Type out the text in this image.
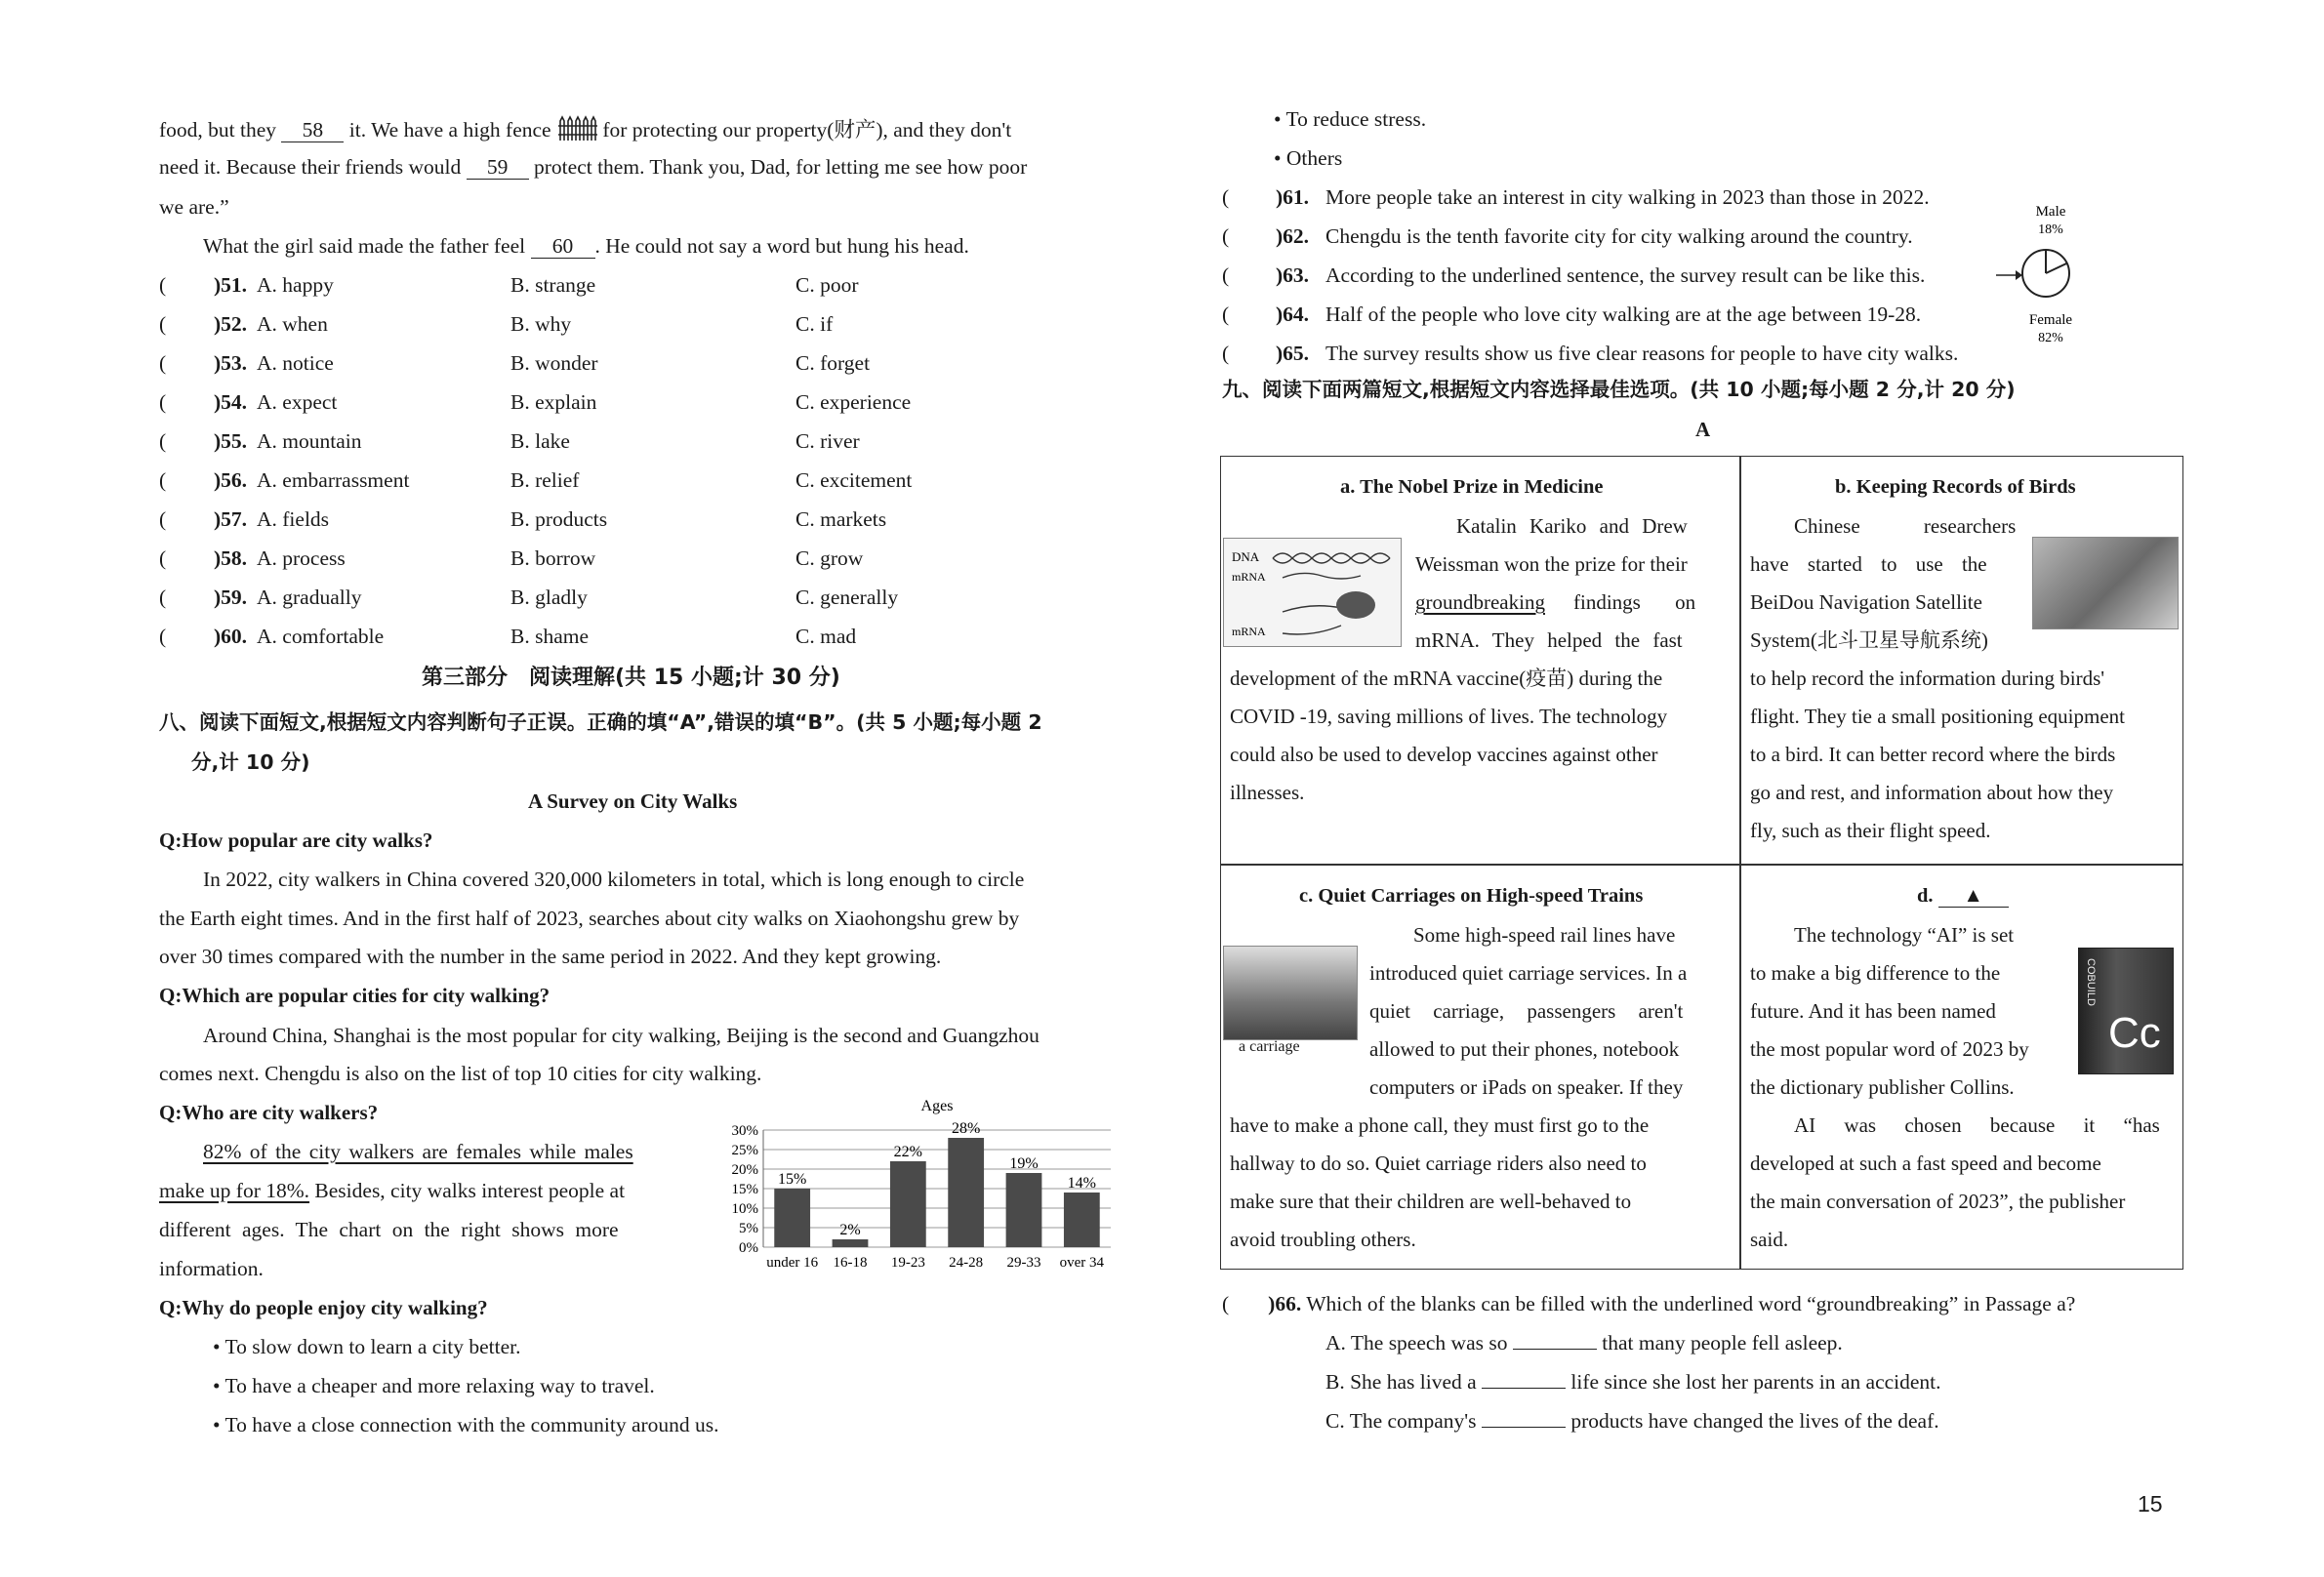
food, but they 58 it. We have a high fence for protecting our property(财产), and they don't
need it. Because their friends would 59 protect them. Thank you, Dad, for letting me see how poor
we are.”
What the girl said made the father feel 60 . He could not say a word but hung his head.
( )51. A. happy	B. strange	C. poor
( )52. A. when	B. why	C. if
( )53. A. notice	B. wonder	C. forget
( )54. A. expect	B. explain	C. experience
( )55. A. mountain	B. lake	C. river
( )56. A. embarrassment	B. relief	C. excitement
( )57. A. fields	B. products	C. markets
( )58. A. process	B. borrow	C. grow
( )59. A. gradually	B. gladly	C. generally
( )60. A. comfortable	B. shame	C. mad
第三部分　阅读理解(共 15 小题;计 30 分)
八、阅读下面短文,根据短文内容判断句子正误。正确的填“A”,错误的填“B”。(共 5 小题;每小题 2
分,计 10 分)
A Survey on City Walks
Q:How popular are city walks?
In 2022, city walkers in China covered 320,000 kilometers in total, which is long enough to circle
the Earth eight times. And in the first half of 2023, searches about city walks on Xiaohongshu grew by
over 30 times compared with the number in the same period in 2022. And they kept growing.
Q:Which are popular cities for city walking?
Around China, Shanghai is the most popular for city walking, Beijing is the second and Guangzhou
comes next. Chengdu is also on the list of top 10 cities for city walking.
Q:Who are city walkers?
82% of the city walkers are females while males
make up for 18%. Besides, city walks interest people at
different ages. The chart on the right shows more
information.
Ages
0%
5%
10%
15%
20%
25%
30%
15%
under 16
2%
16-18
22%
19-23
28%
24-28
19%
29-33
14%
over 34
Q:Why do people enjoy city walking?
• To slow down to learn a city better.
• To have a cheaper and more relaxing way to travel.
• To have a close connection with the community around us.
• To reduce stress.
• Others
( )61. More people take an interest in city walking in 2023 than those in 2022.
( )62. Chengdu is the tenth favorite city for city walking around the country.
( )63. According to the underlined sentence, the survey result can be like this.
( )64. Half of the people who love city walking are at the age between 19-28.
( )65. The survey results show us five clear reasons for people to have city walks.
Male
18%
Female
82%
九、阅读下面两篇短文,根据短文内容选择最佳选项。(共 10 小题;每小题 2 分,计 20 分)
A
a. The Nobel Prize in Medicine
DNA
mRNA
mRNA
Katalin Kariko and Drew
Weissman won the prize for their
groundbreaking findings on
mRNA. They helped the fast
development of the mRNA vaccine(疫苗) during the
COVID -19, saving millions of lives. The technology
could also be used to develop vaccines against other
illnesses.
b. Keeping Records of Birds
Chinese researchers
have started to use the
BeiDou Navigation Satellite
System(北斗卫星导航系统)
to help record the information during birds'
flight. They tie a small positioning equipment
to a bird. It can better record where the birds
go and rest, and information about how they
fly, such as their flight speed.
c. Quiet Carriages on High-speed Trains
a carriage
Some high-speed rail lines have
introduced quiet carriage services. In a
quiet carriage, passengers aren't
allowed to put their phones, notebook
computers or iPads on speaker. If they
have to make a phone call, they must first go to the
hallway to do so. Quiet carriage riders also need to
make sure that their children are well-behaved to
avoid troubling others.
d. ▲
The technology “AI” is set
to make a big difference to the
future. And it has been named
the most popular word of 2023 by
the dictionary publisher Collins.
COBUILD
Cc
AI was chosen because it “has
developed at such a fast speed and become
the main conversation of 2023”, the publisher
said.
( )66. Which of the blanks can be filled with the underlined word “groundbreaking” in Passage a?
A. The speech was so	that many people fell asleep.
B. She has lived a	life since she lost her parents in an accident.
C. The company's	products have changed the lives of the deaf.
15
